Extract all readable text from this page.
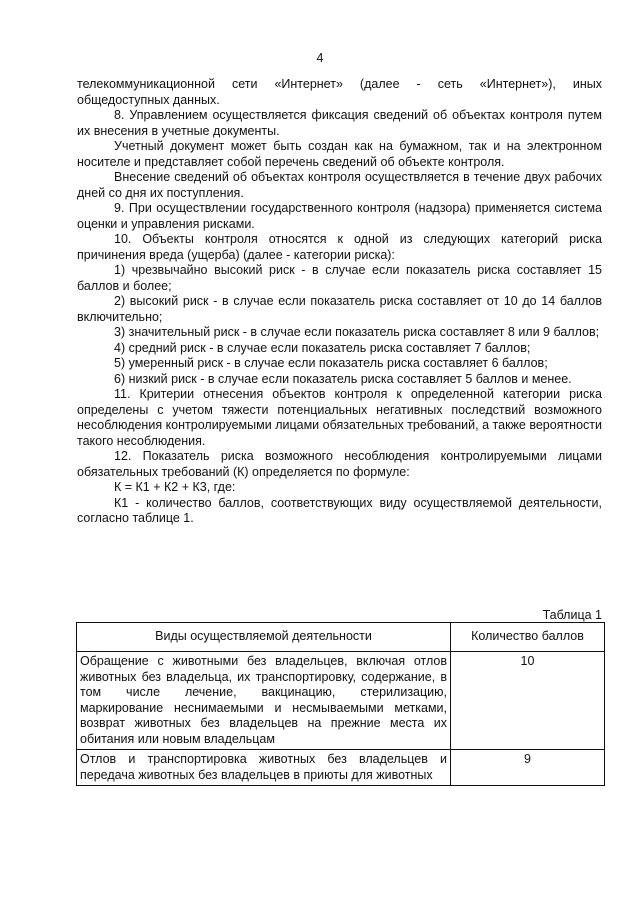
4

телекоммуникационной сети «Интернет» (далее - сеть «Интернет»), иных общедоступных данных.

8. Управлением осуществляется фиксация сведений об объектах контроля путем их внесения в учетные документы.

Учетный документ может быть создан как на бумажном, так и на электронном носителе и представляет собой перечень сведений об объекте контроля.

Внесение сведений об объектах контроля осуществляется в течение двух рабочих дней со дня их поступления.

9. При осуществлении государственного контроля (надзора) применяется система оценки и управления рисками.

10. Объекты контроля относятся к одной из следующих категорий риска причинения вреда (ущерба) (далее - категории риска):

1) чрезвычайно высокий риск - в случае если показатель риска составляет 15 баллов и более;

2) высокий риск - в случае если показатель риска составляет от 10 до 14 баллов включительно;

3) значительный риск - в случае если показатель риска составляет 8 или 9 баллов;

4) средний риск - в случае если показатель риска составляет 7 баллов;

5) умеренный риск - в случае если показатель риска составляет 6 баллов;

6) низкий риск - в случае если показатель риска составляет 5 баллов и менее.

11. Критерии отнесения объектов контроля к определенной категории риска определены с учетом тяжести потенциальных негативных последствий возможного несоблюдения контролируемыми лицами обязательных требований, а также вероятности такого несоблюдения.

12. Показатель риска возможного несоблюдения контролируемыми лицами обязательных требований (К) определяется по формуле:

К = К1 + К2 + К3, где:

К1 - количество баллов, соответствующих виду осуществляемой деятельности, согласно таблице 1.

Таблица 1
Виды осуществляемой деятельности	Количество баллов
Обращение с животными без владельцев, включая отлов животных без владельца, их транспортировку, содержание, в том числе лечение, вакцинацию, стерилизацию, маркирование неснимаемыми и несмываемыми метками, возврат животных без владельцев на прежние места их обитания или новым владельцам	10
Отлов и транспортировка животных без владельцев и передача животных без владельцев в приюты для животных	9
